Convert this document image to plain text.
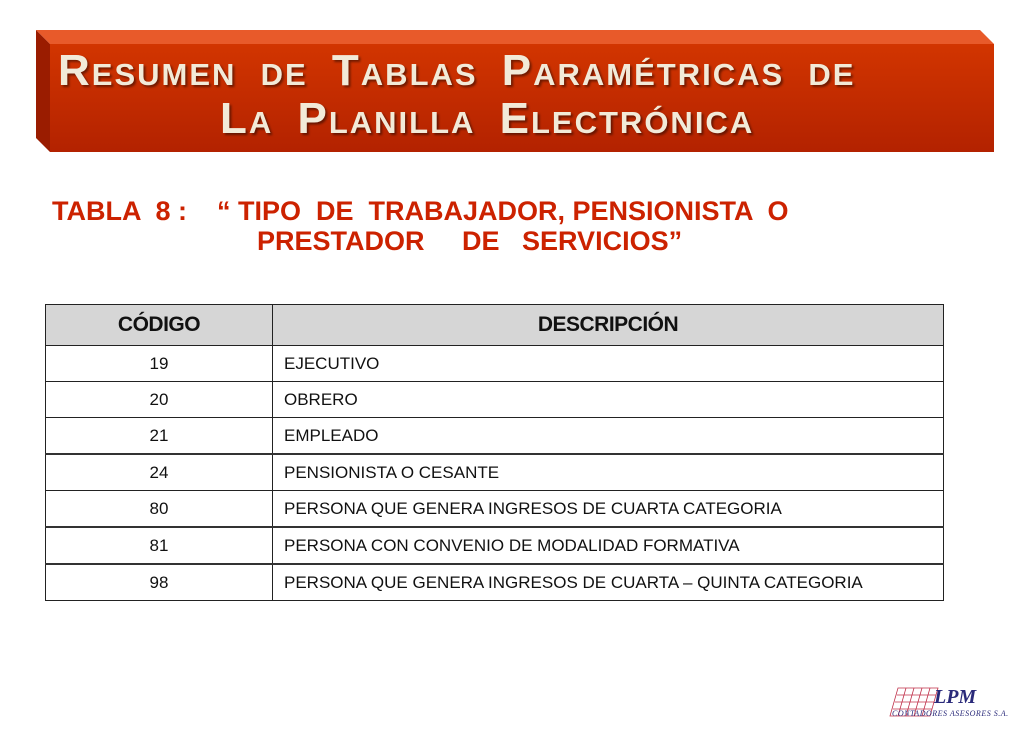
Resumen de Tablas Paramétricas de
La Planilla Electrónica
TABLA  8 :    “ TIPO  DE  TRABAJADOR, PENSIONISTA  O
PRESTADOR     DE   SERVICIOS”
CÓDIGO	DESCRIPCIÓN
19	EJECUTIVO
20	OBRERO
21	EMPLEADO
24	PENSIONISTA O CESANTE
80	PERSONA QUE GENERA INGRESOS DE CUARTA CATEGORIA
81	PERSONA CON CONVENIO DE MODALIDAD FORMATIVA
98	PERSONA QUE GENERA INGRESOS DE CUARTA – QUINTA CATEGORIA
LPM
CONTADORES ASESORES S.A.
